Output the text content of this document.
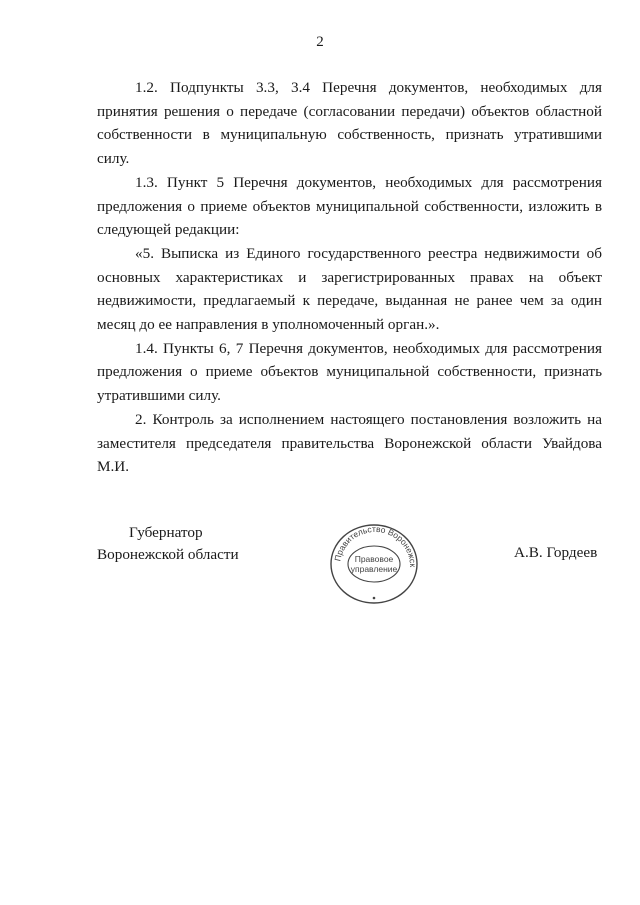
2

1.2. Подпункты 3.3, 3.4 Перечня документов, необходимых для принятия решения о передаче (согласовании передачи) объектов областной собственности в муниципальную собственность, признать утратившими силу.

1.3. Пункт 5 Перечня документов, необходимых для рассмотрения предложения о приеме объектов муниципальной собственности, изложить в следующей редакции:

«5. Выписка из Единого государственного реестра недвижимости об основных характеристиках и зарегистрированных правах на объект недвижимости, предлагаемый к передаче, выданная не ранее чем за один месяц до ее направления в уполномоченный орган.».

1.4. Пункты 6, 7 Перечня документов, необходимых для рассмотрения предложения о приеме объектов муниципальной собственности, признать утратившими силу.

2. Контроль за исполнением настоящего постановления возложить на заместителя председателя правительства Воронежской области Увайдова М.И.

Губернатор
Воронежской области	Правительство Воронежск
Правовое
управление
А.В. Гордеев
